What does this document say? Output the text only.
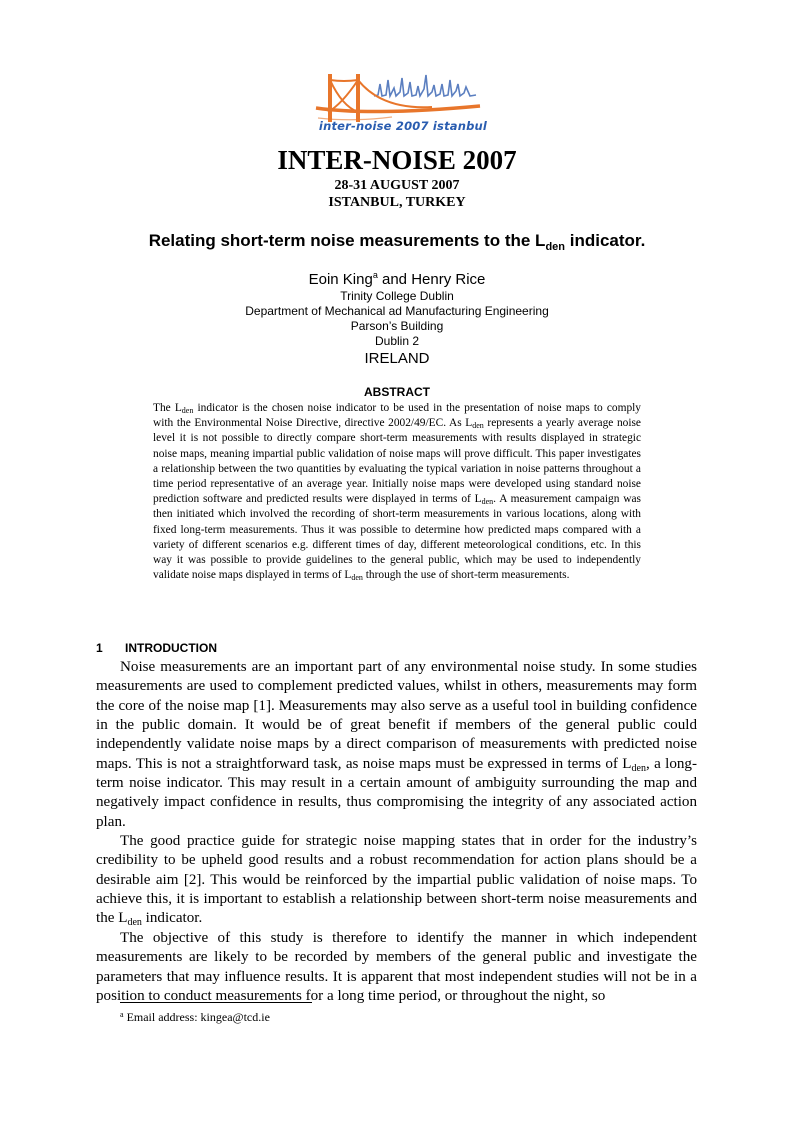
inter-noise 2007 istanbul
INTER-NOISE 2007
28-31 AUGUST 2007
ISTANBUL, TURKEY
Relating short-term noise measurements to the $L_{den}$ indicator.
Eoin King$^a$ and Henry Rice
Trinity College Dublin
Department of Mechanical ad Manufacturing Engineering
Parson’s Building
Dublin 2
IRELAND
ABSTRACT
The Lden indicator is the chosen noise indicator to be used in the presentation of noise maps to comply with the Environmental Noise Directive, directive 2002/49/EC. As Lden represents a yearly average noise level it is not possible to directly compare short-term measurements with results displayed in strategic noise maps, meaning impartial public validation of noise maps will prove difficult. This paper investigates a relationship between the two quantities by evaluating the typical variation in noise patterns throughout a time period representative of an average year. Initially noise maps were developed using standard noise prediction software and predicted results were displayed in terms of Lden. A measurement campaign was then initiated which involved the recording of short-term measurements in various locations, along with fixed long-term measurements. Thus it was possible to determine how predicted maps compared with a variety of different scenarios e.g. different times of day, different meteorological conditions, etc. In this way it was possible to provide guidelines to the general public, which may be used to independently validate noise maps displayed in terms of Lden through the use of short-term measurements.
1 INTRODUCTION

Noise measurements are an important part of any environmental noise study. In some studies measurements are used to complement predicted values, whilst in others, measurements may form the core of the noise map [1]. Measurements may also serve as a useful tool in building confidence in the public domain. It would be of great benefit if members of the general public could independently validate noise maps by a direct comparison of measurements with predicted noise maps. This is not a straightforward task, as noise maps must be expressed in terms of Lden, a long-term noise indicator. This may result in a certain amount of ambiguity surrounding the map and negatively impact confidence in results, thus compromising the integrity of any associated action plan.

The good practice guide for strategic noise mapping states that in order for the industry’s credibility to be upheld good results and a robust recommendation for action plans should be a desirable aim [2]. This would be reinforced by the impartial public validation of noise maps. To achieve this, it is important to establish a relationship between short-term noise measurements and the Lden indicator.

The objective of this study is therefore to identify the manner in which independent measurements are likely to be recorded by members of the general public and investigate the parameters that may influence results. It is apparent that most independent studies will not be in a position to conduct measurements for a long time period, or throughout the night, so

$^a$ Email address: kingea@tcd.ie
